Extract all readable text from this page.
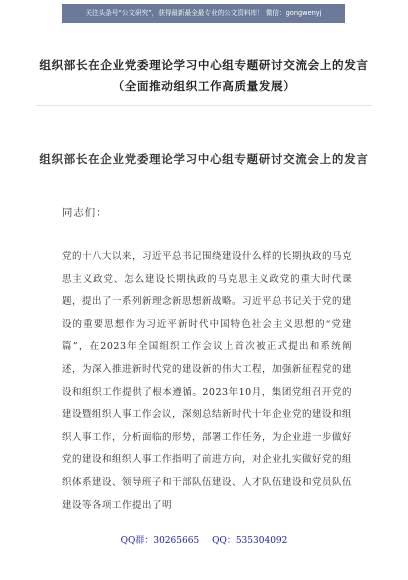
关注头条号“公文研究”，获得最新最全最专业的公文资料库！ 微信：gongwenyj
组织部长在企业党委理论学习中心组专题研讨交流会上的发言（全面推动组织工作高质量发展）
组织部长在企业党委理论学习中心组专题研讨交流会上的发言

同志们：

党的十八大以来，习近平总书记围绕建设什么样的长期执政的马克思主义政党、怎么建设长期执政的马克思主义政党的重大时代课题，提出了一系列新理念新思想新战略。习近平总书记关于党的建设的重要思想作为习近平新时代中国特色社会主义思想的“党建篇”，在2023年全国组织工作会议上首次被正式提出和系统阐述，为深入推进新时代党的建设新的伟大工程，加强新征程党的建设和组织工作提供了根本遵循。2023年10月，集团党组召开党的建设暨组织人事工作会议，深刻总结新时代十年企业党的建设和组织人事工作，分析面临的形势，部署工作任务，为企业进一步做好党的建设和组织人事工作指明了前进方向，对企业扎实做好党的组织体系建设、领导班子和干部队伍建设、人才队伍建设和党员队伍建设等各项工作提出了明

QQ群：30265665 QQ：535304092
